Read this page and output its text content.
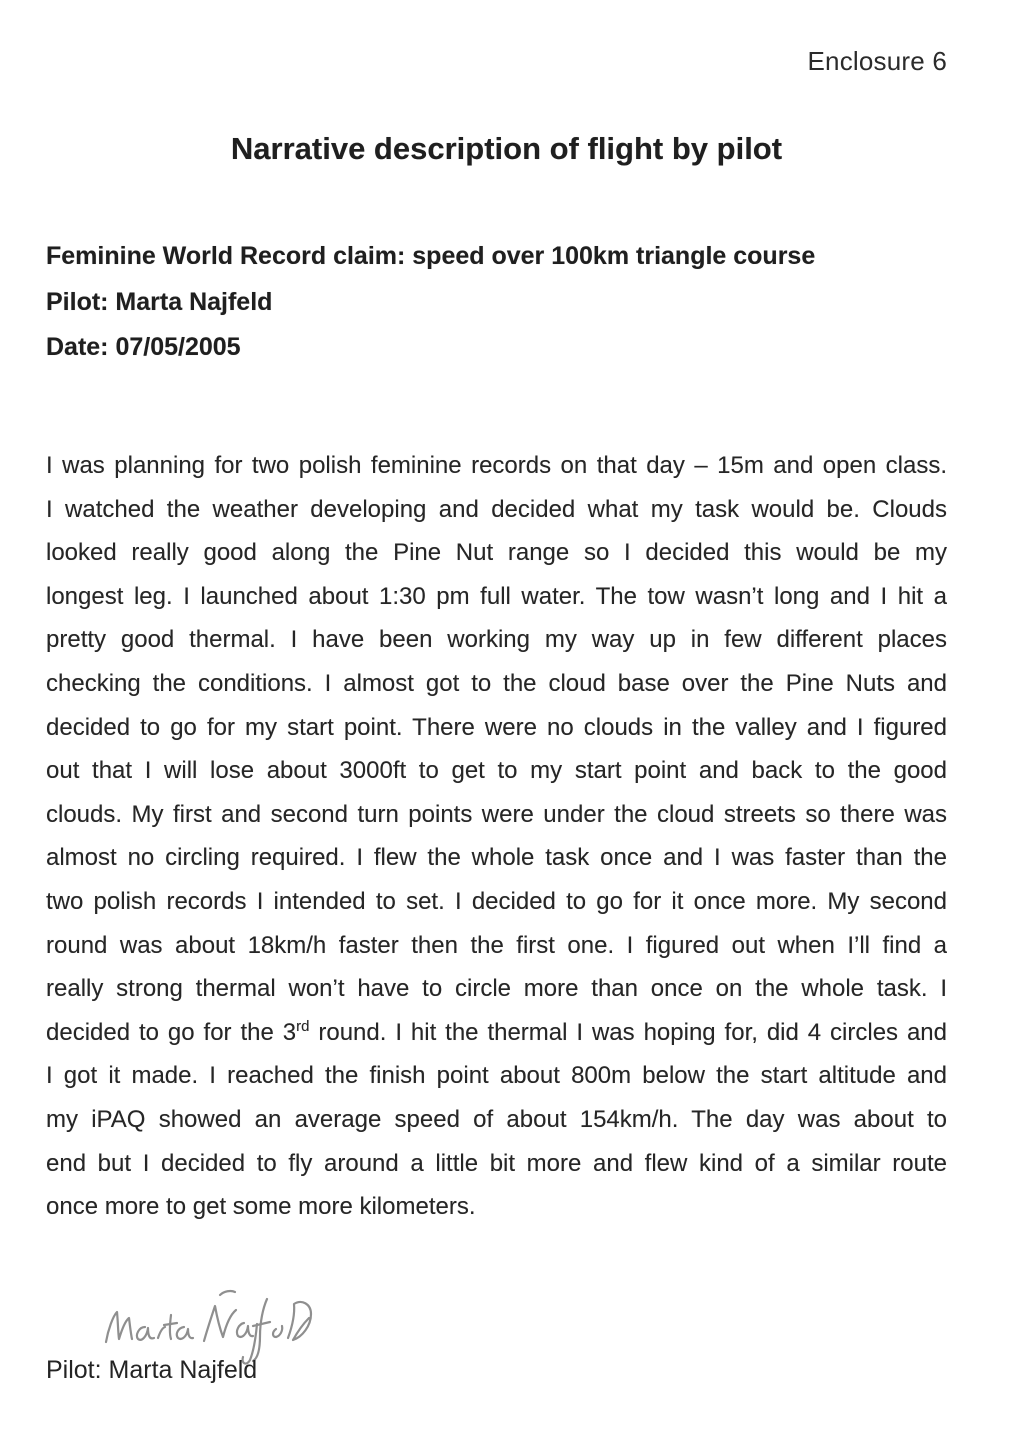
Enclosure 6
Narrative description of flight by pilot
Feminine World Record claim: speed over 100km triangle course
Pilot: Marta Najfeld
Date: 07/05/2005
I was planning for two polish feminine records on that day – 15m and open class.
I watched the weather developing and decided what my task would be. Clouds
looked really good along the Pine Nut range so I decided this would be my
longest leg. I launched about 1:30 pm full water. The tow wasn’t long and I hit a
pretty good thermal. I have been working my way up in few different places
checking the conditions. I almost got to the cloud base over the Pine Nuts and
decided to go for my start point. There were no clouds in the valley and I figured
out that I will lose about 3000ft to get to my start point and back to the good
clouds. My first and second turn points were under the cloud streets so there was
almost no circling required. I flew the whole task once and I was faster than the
two polish records I intended to set. I decided to go for it once more. My second
round was about 18km/h faster then the first one. I figured out when I’ll find a
really strong thermal won’t have to circle more than once on the whole task. I
decided to go for the 3rd round. I hit the thermal I was hoping for, did 4 circles and
I got it made. I reached the finish point about 800m below the start altitude and
my iPAQ showed an average speed of about 154km/h. The day was about to
end but I decided to fly around a little bit more and flew kind of a similar route
once more to get some more kilometers.
Pilot: Marta Najfeld
